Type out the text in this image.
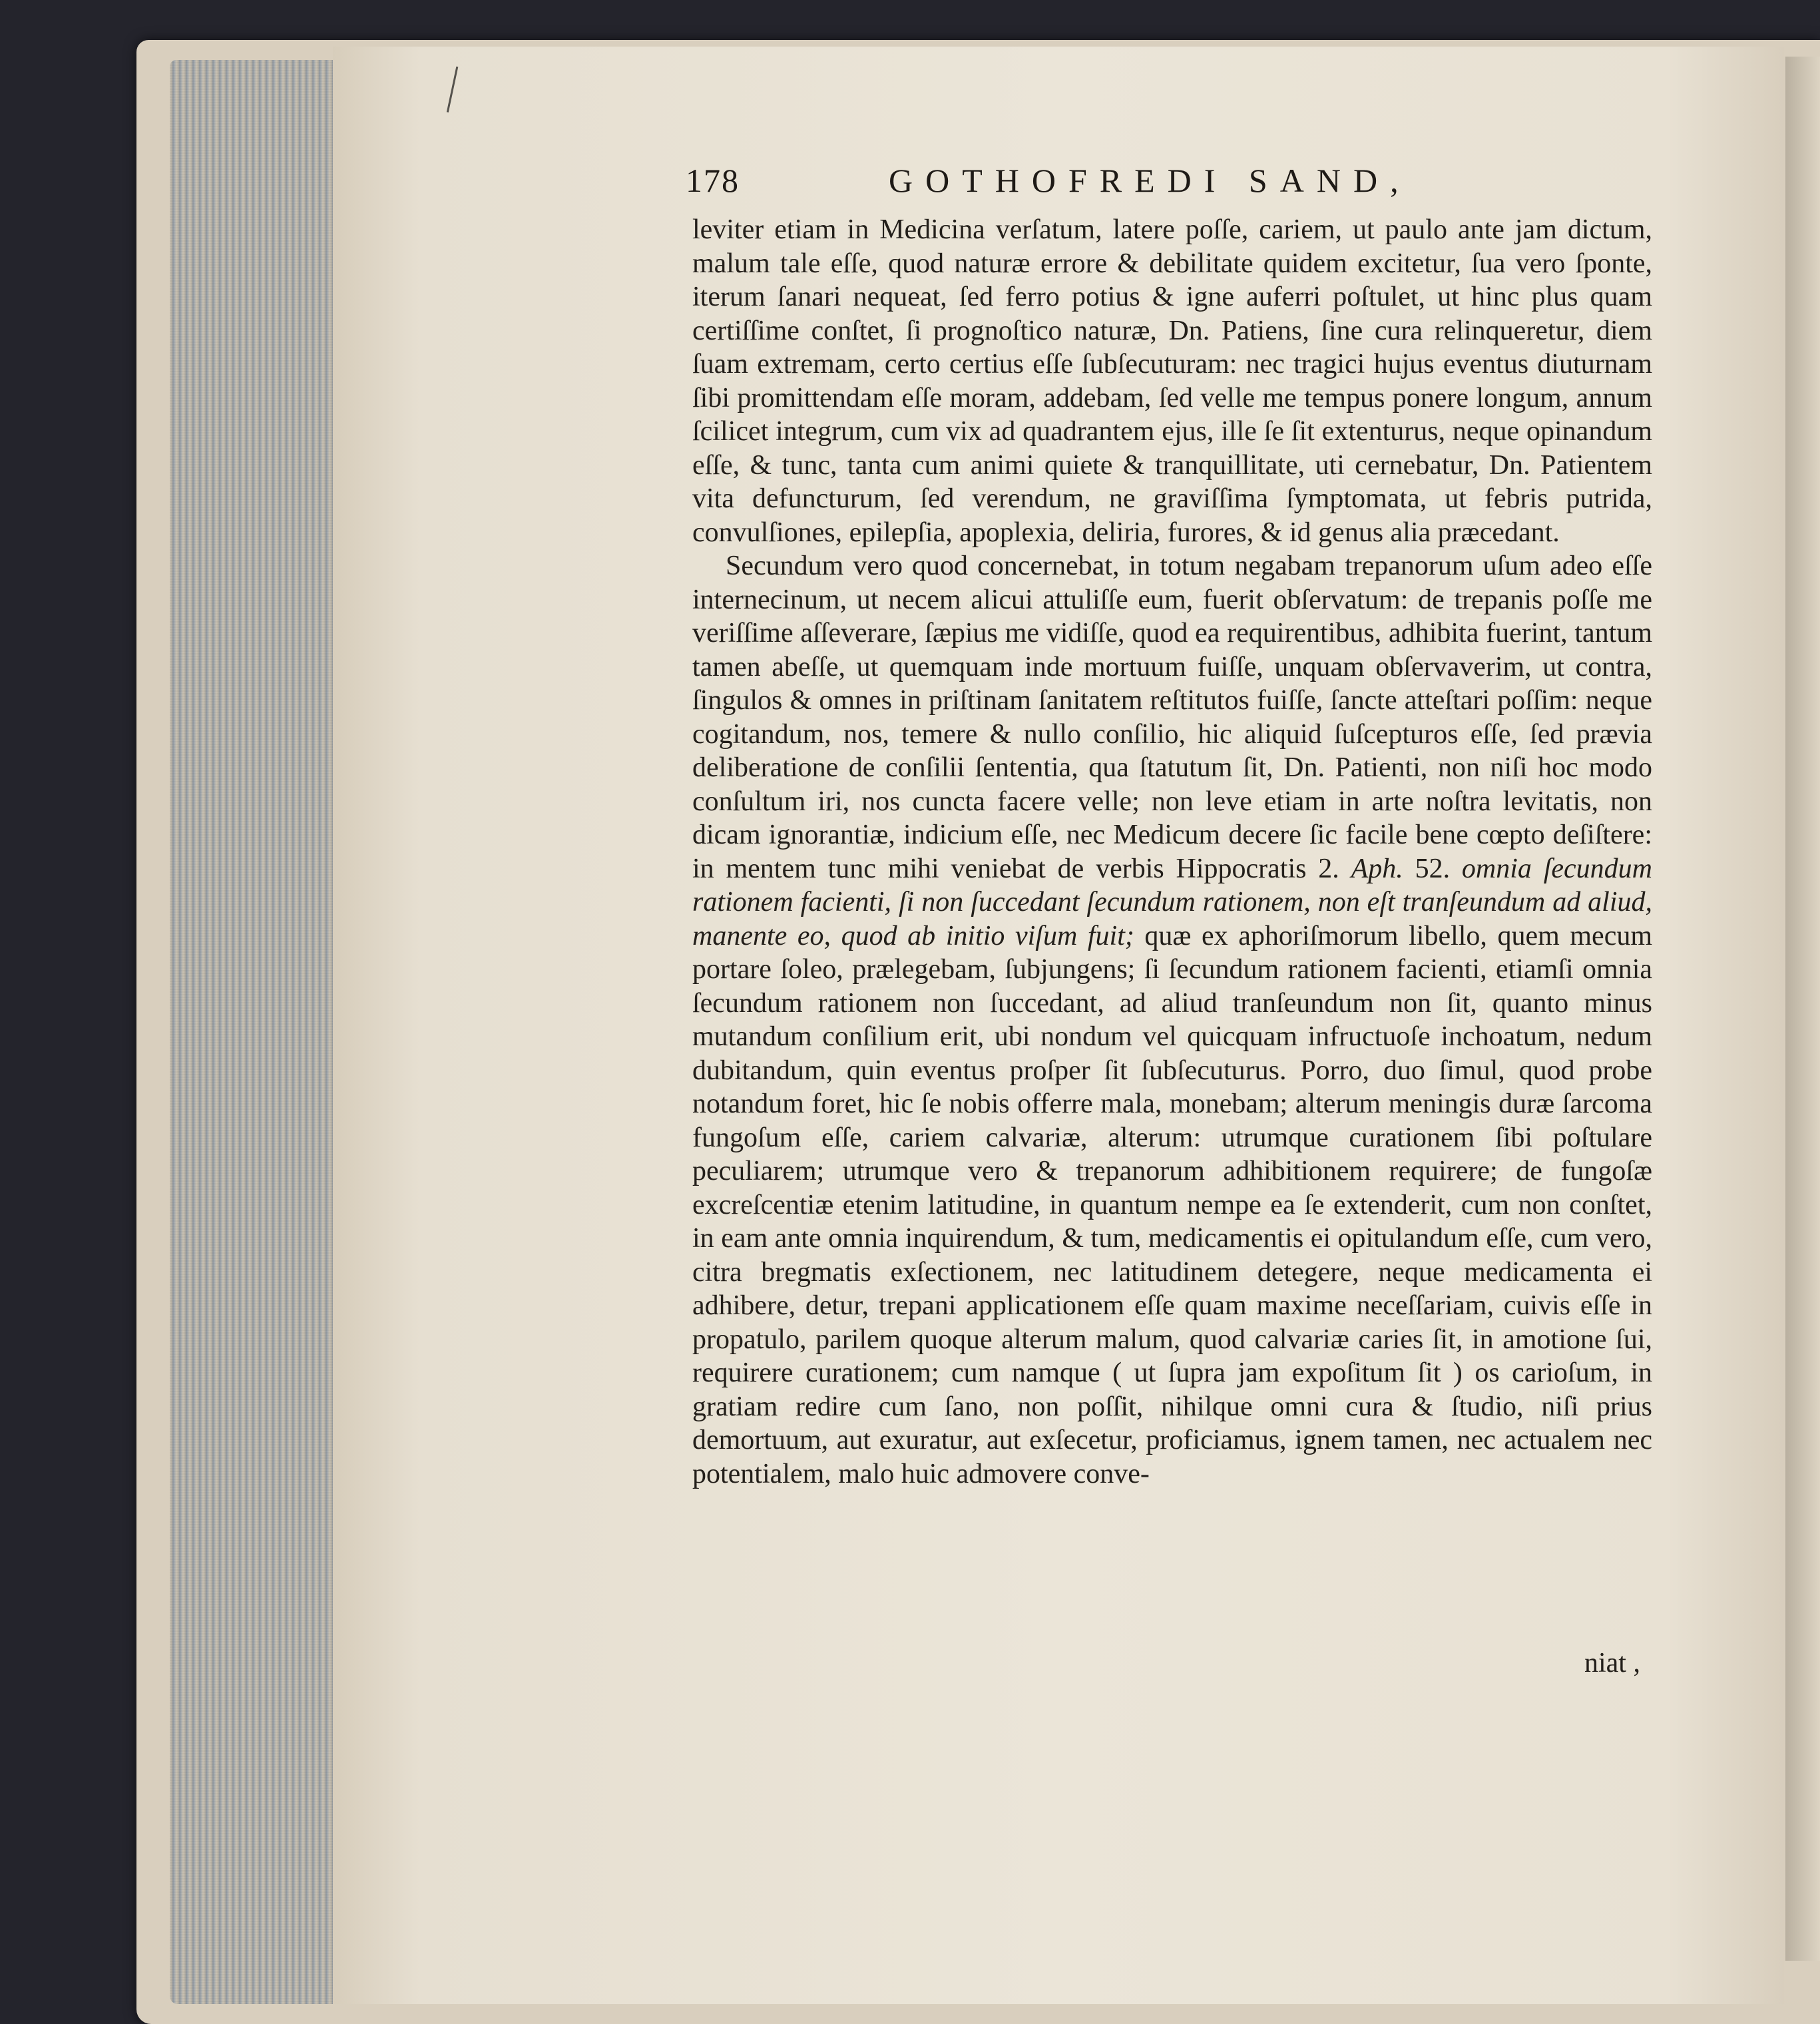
178	GOTHOFREDI SAND,

leviter etiam in Medicina verſatum, latere poſſe, cariem, ut paulo ante jam dictum, malum tale eſſe, quod naturæ errore & debilitate quidem excitetur, ſua vero ſponte, iterum ſanari nequeat, ſed ferro potius & igne auferri poſtulet, ut hinc plus quam certiſſime conſtet, ſi prognoſtico naturæ, Dn. Patiens, ſine cura relinqueretur, diem ſuam extremam, certo certius eſſe ſubſecuturam: nec tragici hujus eventus diuturnam ſibi promittendam eſſe moram, addebam, ſed velle me tempus ponere longum, annum ſcilicet integrum, cum vix ad quadrantem ejus, ille ſe ſit extenturus, neque opinandum eſſe, & tunc, tanta cum animi quiete & tranquillitate, uti cernebatur, Dn. Patientem vita defuncturum, ſed verendum, ne graviſſima ſymptomata, ut febris putrida, convulſiones, epilepſia, apoplexia, deliria, furores, & id genus alia præcedant.

Secundum vero quod concernebat, in totum negabam trepanorum uſum adeo eſſe internecinum, ut necem alicui attuliſſe eum, fuerit obſervatum: de trepanis poſſe me veriſſime aſſeverare, ſæpius me vidiſſe, quod ea requirentibus, adhibita fuerint, tantum tamen abeſſe, ut quemquam inde mortuum fuiſſe, unquam obſervaverim, ut contra, ſingulos & omnes in priſtinam ſanitatem reſtitutos fuiſſe, ſancte atteſtari poſſim: neque cogitandum, nos, temere & nullo conſilio, hic aliquid ſuſcepturos eſſe, ſed prævia deliberatione de conſilii ſententia, qua ſtatutum ſit, Dn. Patienti, non niſi hoc modo conſultum iri, nos cuncta facere velle; non leve etiam in arte noſtra levitatis, non dicam ignorantiæ, indicium eſſe, nec Medicum decere ſic facile bene cœpto deſiſtere: in mentem tunc mihi veniebat de verbis Hippocratis 2. Aph. 52. omnia ſecundum rationem facienti, ſi non ſuccedant ſecundum rationem, non eſt tranſeundum ad aliud, manente eo, quod ab initio viſum fuit; quæ ex aphoriſmorum libello, quem mecum portare ſoleo, prælegebam, ſubjungens; ſi ſecundum rationem facienti, etiamſi omnia ſecundum rationem non ſuccedant, ad aliud tranſeundum non ſit, quanto minus mutandum conſilium erit, ubi nondum vel quicquam infructuoſe inchoatum, nedum dubitandum, quin eventus proſper ſit ſubſecuturus. Porro, duo ſimul, quod probe notandum foret, hic ſe nobis offerre mala, monebam; alterum meningis duræ ſarcoma fungoſum eſſe, cariem calvariæ, alterum: utrumque curationem ſibi poſtulare peculiarem; utrumque vero & trepanorum adhibitionem requirere; de fungoſæ excreſcentiæ etenim latitudine, in quantum nempe ea ſe extenderit, cum non conſtet, in eam ante omnia inquirendum, & tum, medicamentis ei opitulandum eſſe, cum vero, citra bregmatis exſectionem, nec latitudinem detegere, neque medicamenta ei adhibere, detur, trepani applicationem eſſe quam maxime neceſſariam, cuivis eſſe in propatulo, parilem quoque alterum malum, quod calvariæ caries ſit, in amotione ſui, requirere curationem; cum namque ( ut ſupra jam expoſitum ſit ) os carioſum, in gratiam redire cum ſano, non poſſit, nihilque omni cura & ſtudio, niſi prius demortuum, aut exuratur, aut exſecetur, proficiamus, ignem tamen, nec actualem nec potentialem, malo huic admovere conve-

niat ,
